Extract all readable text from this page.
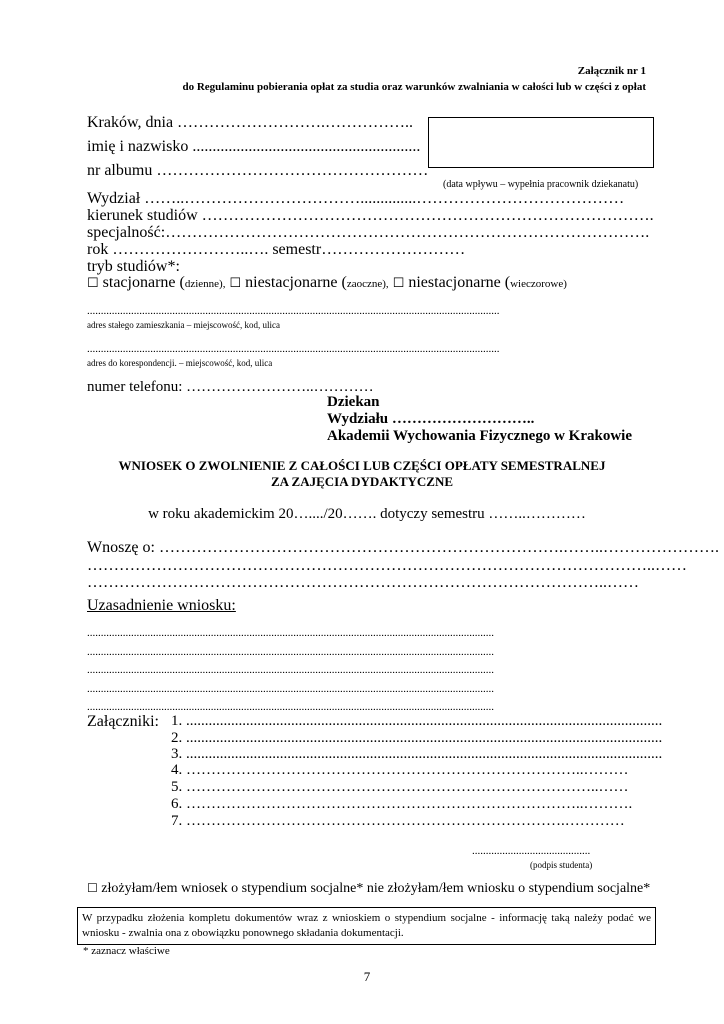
Załącznik nr 1
do Regulaminu pobierania opłat za studia oraz warunków zwalniania w całości lub w części z opłat
Kraków, dnia ……………………….……………..
imię i nazwisko .........................................................
nr albumu ……………………………………………
(data wpływu – wypełnia pracownik dziekanatu)
Wydział ……..……………………………..............…………………………………
kierunek studiów ………………………………………………………………………….
specjalność:……………………………………………………………………………….
rok ……………………..…. semestr………………………
tryb studiów*:
☐ stacjonarne (dzienne), ☐ niestacjonarne (zaoczne), ☐ niestacjonarne (wieczorowe)
......................................................................................................................................................
adres stałego zamieszkania – miejscowość, kod, ulica
......................................................................................................................................................
adres do korespondencji. – miejscowość, kod, ulica
numer telefonu: ……………………..…………
Dziekan
Wydziału ………………………..
Akademii Wychowania Fizycznego w Krakowie
WNIOSEK O ZWOLNIENIE Z CAŁOŚCI LUB CZĘŚCI OPŁATY SEMESTRALNEJ
ZA ZAJĘCIA DYDAKTYCZNE
w roku akademickim 20…..../20……. dotyczy semestru ……..…………
Wnoszę o: ………………………………………………………………….……..………………….
……………………………………………………………………………………………..……
……………………………………………………………………………………..……
Uzasadnienie wniosku:
....................................................................................................................................................
....................................................................................................................................................
....................................................................................................................................................
....................................................................................................................................................
....................................................................................................................................................
Załączniki: 1. ...............................................................................................................................
2. ...............................................................................................................................
3. ...............................................................................................................................
4. ……………………………………………………………………..………
5. ………………………………………………………………………..……
6. ……………………………………………………………………..……….
7. ………………………………………………………………….…………
...........................................
(podpis studenta)
☐ złożyłam/łem wniosek o stypendium socjalne* nie złożyłam/łem wniosku o stypendium socjalne*
W przypadku złożenia kompletu dokumentów wraz z wnioskiem o stypendium socjalne - informację taką należy podać we wniosku - zwalnia ona z obowiązku ponownego składania dokumentacji.
* zaznacz właściwe
7
